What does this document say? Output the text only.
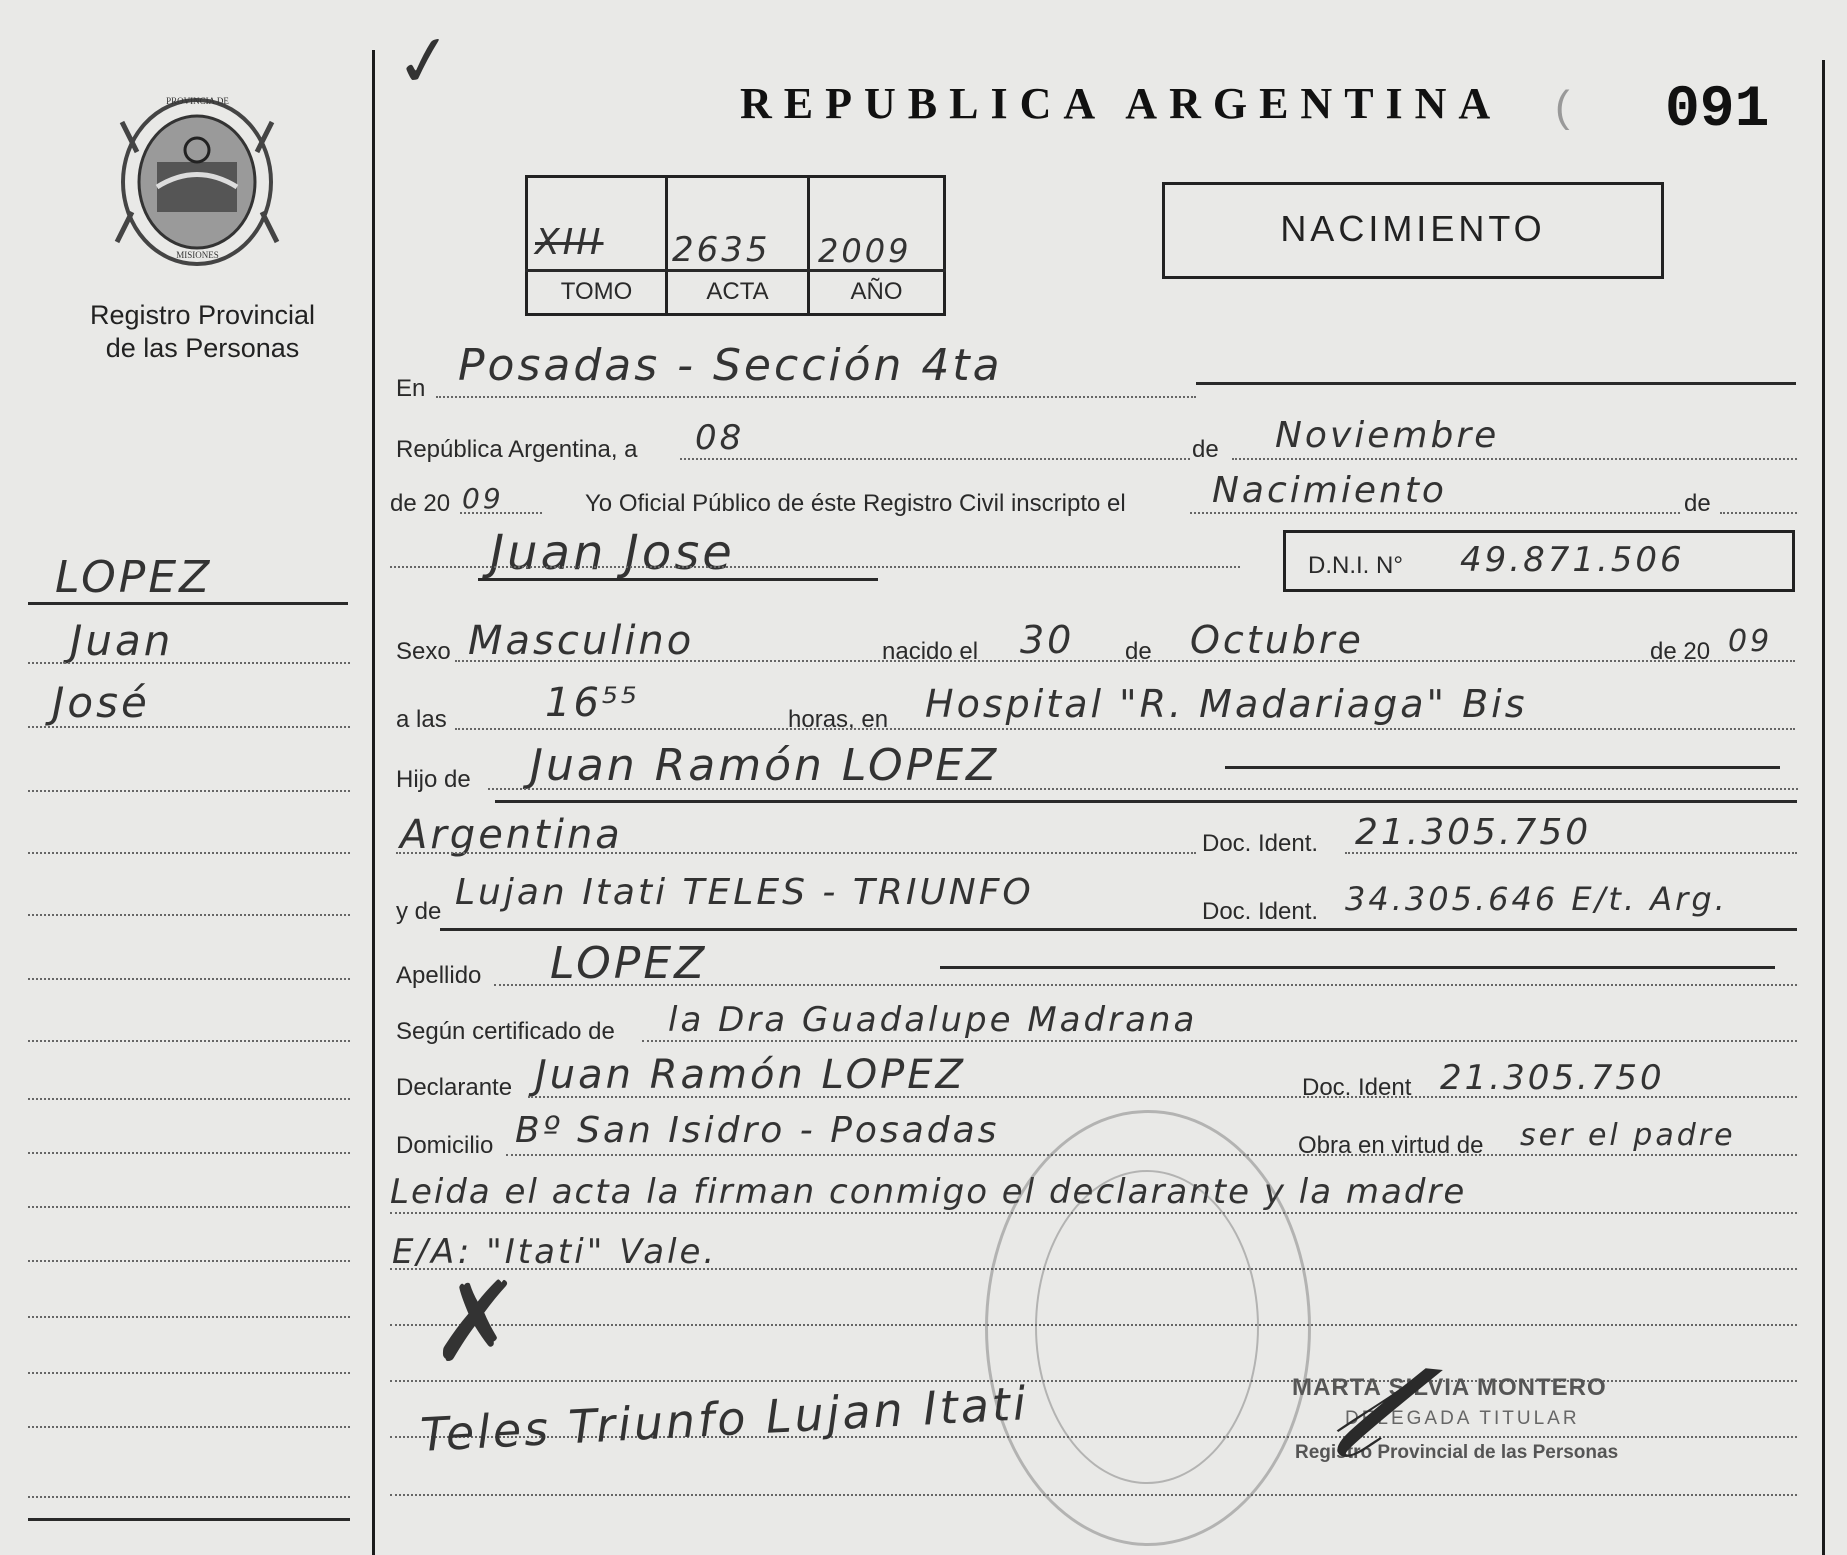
✓
PROVINCIA DE
MISIONES
Registro Provincial
de las Personas
LOPEZ
Juan
José
REPUBLICA ARGENTINA ( 091
XIII 2635 2009
TOMO	ACTA	AÑO
NACIMIENTO
En Posadas - Sección 4ta
República Argentina, a 08	de Noviembre
de 20 09	Yo Oficial Público de éste Registro Civil inscripto el Nacimiento	de
Juan Jose	D.N.I. N° 49.871.506
Sexo Masculino	nacido el 30 de Octubre	de 20 09
a las 16⁵⁵	horas, en Hospital "R. Madariaga" Bis
Hijo de Juan Ramón LOPEZ
Argentina	Doc. Ident. 21.305.750
y de Lujan Itati TELES - TRIUNFO	Doc. Ident. 34.305.646 E/t. Arg.
Apellido LOPEZ
Según certificado de la Dra Guadalupe Madrana
Declarante Juan Ramón LOPEZ	Doc. Ident 21.305.750
Domicilio Bº San Isidro - Posadas	Obra en virtud de ser el padre
Leida el acta la firman conmigo el declarante y la madre
E/A: "Itati" Vale.
✗
Teles Triunfo Lujan Itati	MARTA SILVIA MONTERO
DELEGADA TITULAR
Registro Provincial de las Personas
𝓁
